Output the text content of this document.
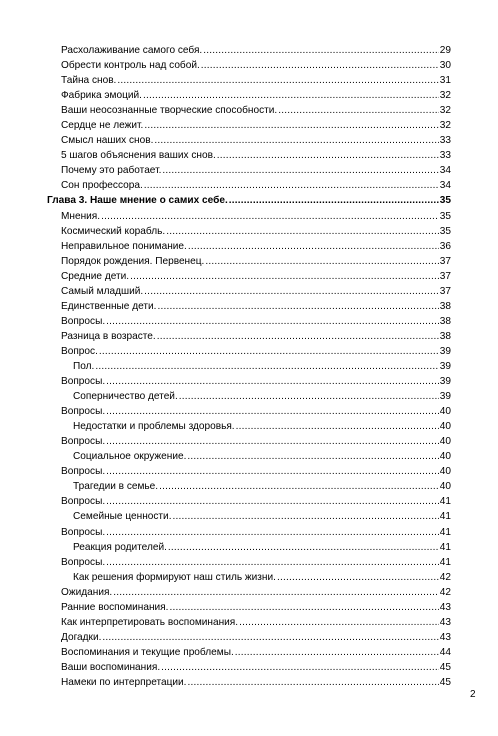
Расхолаживание самого себя. . . .	29
Обрести контроль над собой. . . .	30
Тайна снов. . . .	31
Фабрика эмоций. . . .	32
Ваши неосознанные творческие способности. . . .	32
Сердце не лежит. . . .	32
Смысл наших снов. . . .	33
5 шагов объяснения ваших снов. . . .	33
Почему это работает. . . .	34
Сон профессора. . . .	34
Глава 3. Наше мнение о самих себе. . . .	35
Мнения. . . .	35
Космический корабль. . . .	35
Неправильное понимание. . . .	36
Порядок рождения. Первенец. . . .	37
Средние дети. . . .	37
Самый младший. . . .	37
Единственные дети. . . .	38
Вопросы. . . .	38
Разница в возрасте. . . .	38
Вопрос. . . .	39
Пол. . . .	39
Вопросы. . . .	39
Соперничество детей. . . .	39
Вопросы. . . .	40
Недостатки и проблемы здоровья. . . .	40
Вопросы. . . .	40
Социальное окружение. . . .	40
Вопросы. . . .	40
Трагедии в семье. . . .	40
Вопросы. . . .	41
Семейные ценности. . . .	41
Вопросы. . . .	41
Реакция родителей. . . .	41
Вопросы. . . .	41
Как решения формируют наш стиль жизни. . . .	42
Ожидания. . . .	42
Ранние воспоминания. . . .	43
Как интерпретировать воспоминания. . . .	43
Догадки. . . .	43
Воспоминания и текущие проблемы. . . .	44
Ваши воспоминания. . . .	45
Намеки по интерпретации. . . .	45
2
